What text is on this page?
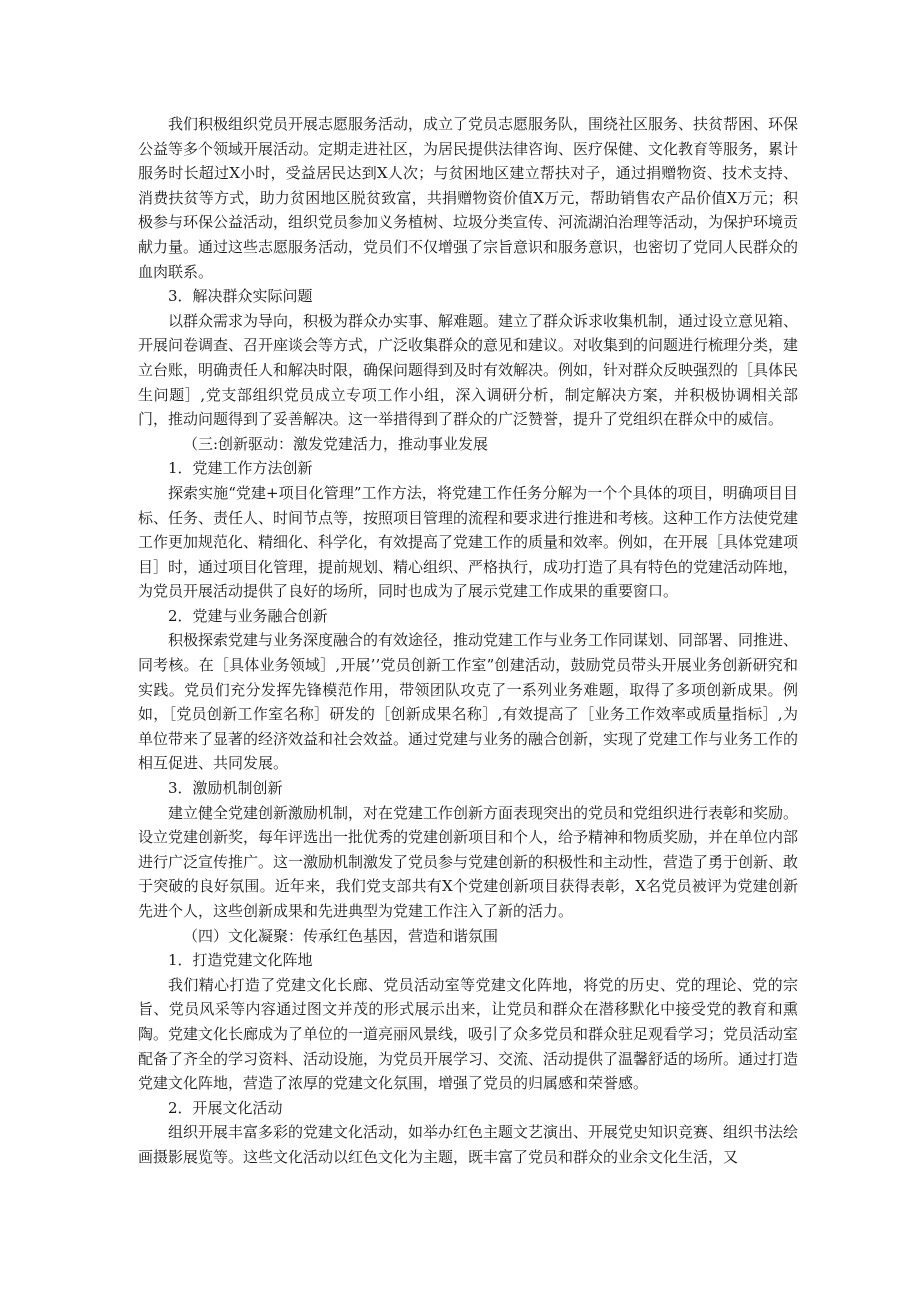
我们积极组织党员开展志愿服务活动，成立了党员志愿服务队，围绕社区服务、扶贫帮困、环保公益等多个领域开展活动。定期走进社区，为居民提供法律咨询、医疗保健、文化教育等服务，累计服务时长超过X小时，受益居民达到X人次；与贫困地区建立帮扶对子，通过捐赠物资、技术支持、消费扶贫等方式，助力贫困地区脱贫致富，共捐赠物资价值X万元，帮助销售农产品价值X万元；积极参与环保公益活动，组织党员参加义务植树、垃圾分类宣传、河流湖泊治理等活动，为保护环境贡献力量。通过这些志愿服务活动，党员们不仅增强了宗旨意识和服务意识，也密切了党同人民群众的血肉联系。

3．解决群众实际问题

以群众需求为导向，积极为群众办实事、解难题。建立了群众诉求收集机制，通过设立意见箱、开展问卷调查、召开座谈会等方式，广泛收集群众的意见和建议。对收集到的问题进行梳理分类，建立台账，明确责任人和解决时限，确保问题得到及时有效解决。例如，针对群众反映强烈的［具体民生问题］,党支部组织党员成立专项工作小组，深入调研分析，制定解决方案，并积极协调相关部门，推动问题得到了妥善解决。这一举措得到了群众的广泛赞誉，提升了党组织在群众中的威信。

（三:创新驱动：激发党建活力，推动事业发展

1．党建工作方法创新

探索实施“党建+项目化管理”工作方法，将党建工作任务分解为一个个具体的项目，明确项目目标、任务、责任人、时间节点等，按照项目管理的流程和要求进行推进和考核。这种工作方法使党建工作更加规范化、精细化、科学化，有效提高了党建工作的质量和效率。例如，在开展［具体党建项目］时，通过项目化管理，提前规划、精心组织、严格执行，成功打造了具有特色的党建活动阵地，为党员开展活动提供了良好的场所，同时也成为了展示党建工作成果的重要窗口。

2．党建与业务融合创新

积极探索党建与业务深度融合的有效途径，推动党建工作与业务工作同谋划、同部署、同推进、同考核。在［具体业务领域］,开展’’党员创新工作室”创建活动，鼓励党员带头开展业务创新研究和实践。党员们充分发挥先锋模范作用，带领团队攻克了一系列业务难题，取得了多项创新成果。例如，［党员创新工作室名称］研发的［创新成果名称］,有效提高了［业务工作效率或质量指标］,为单位带来了显著的经济效益和社会效益。通过党建与业务的融合创新，实现了党建工作与业务工作的相互促进、共同发展。

3．激励机制创新

建立健全党建创新激励机制，对在党建工作创新方面表现突出的党员和党组织进行表彰和奖励。设立党建创新奖，每年评选出一批优秀的党建创新项目和个人，给予精神和物质奖励，并在单位内部进行广泛宣传推广。这一激励机制激发了党员参与党建创新的积极性和主动性，营造了勇于创新、敢于突破的良好氛围。近年来，我们党支部共有X个党建创新项目获得表彰，X名党员被评为党建创新先进个人，这些创新成果和先进典型为党建工作注入了新的活力。

（四）文化凝聚：传承红色基因，营造和谐氛围

1．打造党建文化阵地

我们精心打造了党建文化长廊、党员活动室等党建文化阵地，将党的历史、党的理论、党的宗旨、党员风采等内容通过图文并茂的形式展示出来，让党员和群众在潜移默化中接受党的教育和熏陶。党建文化长廊成为了单位的一道亮丽风景线，吸引了众多党员和群众驻足观看学习；党员活动室配备了齐全的学习资料、活动设施，为党员开展学习、交流、活动提供了温馨舒适的场所。通过打造党建文化阵地，营造了浓厚的党建文化氛围，增强了党员的归属感和荣誉感。

2．开展文化活动

组织开展丰富多彩的党建文化活动，如举办红色主题文艺演出、开展党史知识竞赛、组织书法绘画摄影展览等。这些文化活动以红色文化为主题，既丰富了党员和群众的业余文化生活，又
